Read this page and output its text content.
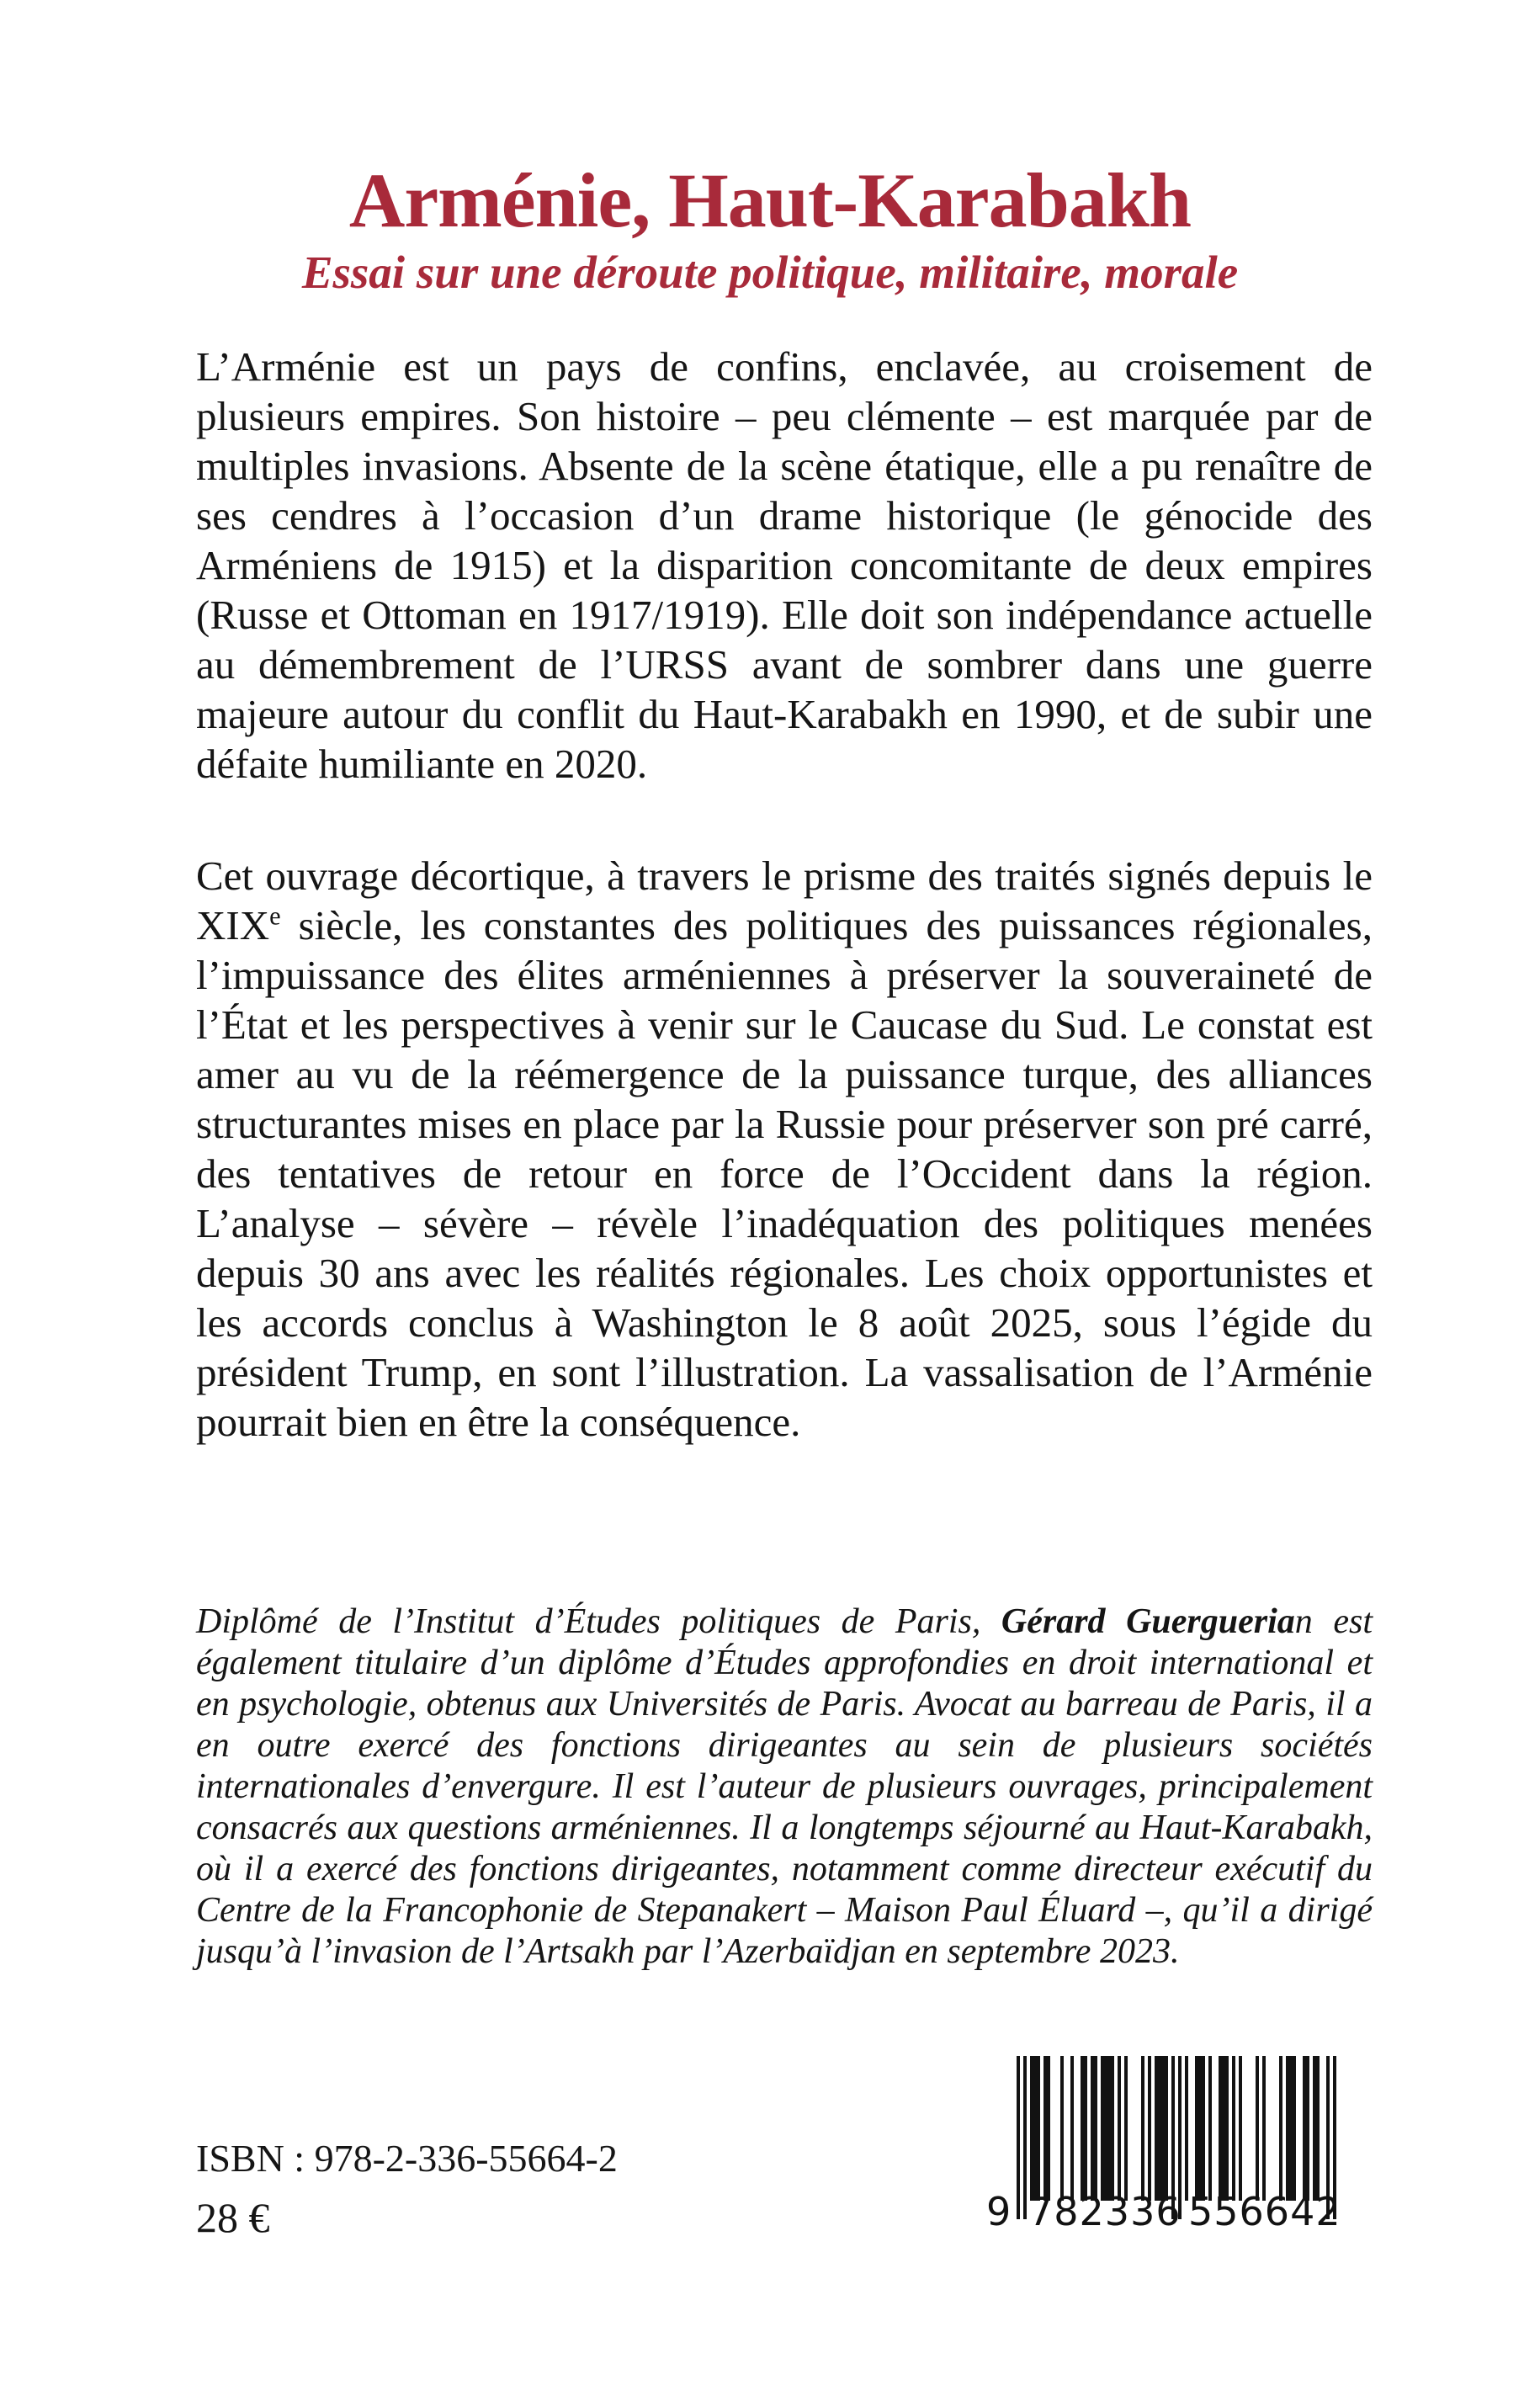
Arménie, Haut-Karabakh
Essai sur une déroute politique, militaire, morale

L’Arménie est un pays de confins, enclavée, au croisement de plusieurs empires. Son histoire – peu clémente – est marquée par de multiples invasions. Absente de la scène étatique, elle a pu renaître de ses cendres à l’occasion d’un drame historique (le génocide des Arméniens de 1915) et la disparition concomitante de deux empires (Russe et Ottoman en 1917/1919). Elle doit son indépendance actuelle au démembrement de l’URSS avant de sombrer dans une guerre majeure autour du conflit du Haut-Karabakh en 1990, et de subir une défaite humiliante en 2020.

Cet ouvrage décortique, à travers le prisme des traités signés depuis le XIXe siècle, les constantes des politiques des puissances régionales, l’impuissance des élites arméniennes à préserver la souveraineté de l’État et les perspectives à venir sur le Caucase du Sud. Le constat est amer au vu de la réémergence de la puissance turque, des alliances structurantes mises en place par la Russie pour préserver son pré carré, des tentatives de retour en force de l’Occident dans la région. L’analyse – sévère – révèle l’inadéquation des politiques menées depuis 30 ans avec les réalités régionales. Les choix opportunistes et les accords conclus à Washington le 8 août 2025, sous l’égide du président Trump, en sont l’illustration. La vassalisation de l’Arménie pourrait bien en être la conséquence.

Diplômé de l’Institut d’Études politiques de Paris, Gérard Guerguerian est également titulaire d’un diplôme d’Études approfondies en droit international et en psychologie, obtenus aux Universités de Paris. Avocat au barreau de Paris, il a en outre exercé des fonctions dirigeantes au sein de plusieurs sociétés internationales d’envergure. Il est l’auteur de plusieurs ouvrages, principalement consacrés aux questions arméniennes. Il a longtemps séjourné au Haut-Karabakh, où il a exercé des fonctions dirigeantes, notamment comme directeur exécutif du Centre de la Francophonie de Stepanakert – Maison Paul Éluard –, qu’il a dirigé jusqu’à l’invasion de l’Artsakh par l’Azerbaïdjan en septembre 2023.

ISBN : 978-2-336-55664-2
28 €	9 782336 556642
